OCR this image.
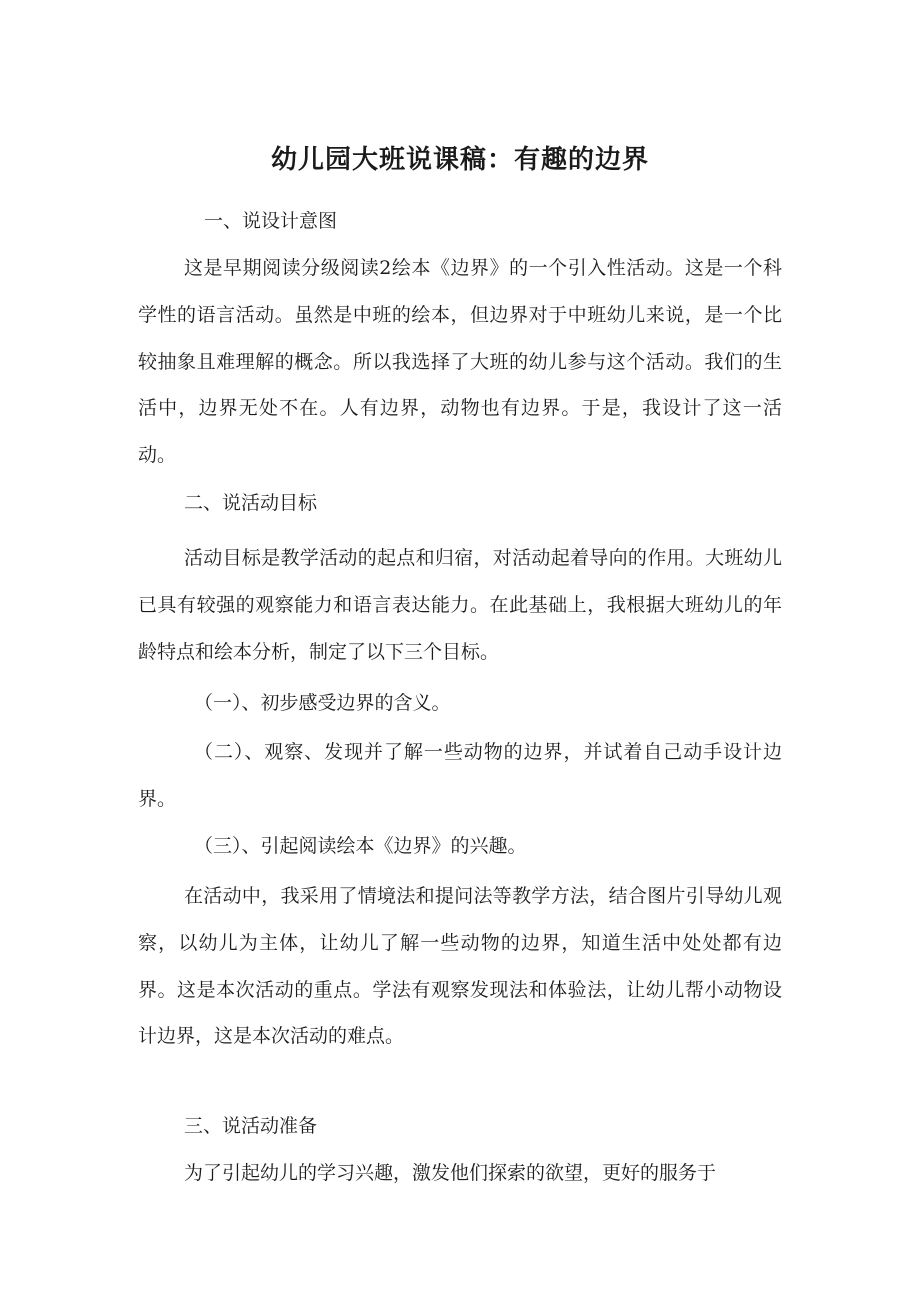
幼儿园大班说课稿：有趣的边界

一、说设计意图

这是早期阅读分级阅读2绘本《边界》的一个引入性活动。这是一个科学性的语言活动。虽然是中班的绘本，但边界对于中班幼儿来说，是一个比较抽象且难理解的概念。所以我选择了大班的幼儿参与这个活动。我们的生活中，边界无处不在。人有边界，动物也有边界。于是，我设计了这一活动。

二、说活动目标

活动目标是教学活动的起点和归宿，对活动起着导向的作用。大班幼儿已具有较强的观察能力和语言表达能力。在此基础上，我根据大班幼儿的年龄特点和绘本分析，制定了以下三个目标。

（一）、初步感受边界的含义。

（二）、观察、发现并了解一些动物的边界，并试着自己动手设计边界。

（三）、引起阅读绘本《边界》的兴趣。

在活动中，我采用了情境法和提问法等教学方法，结合图片引导幼儿观察，以幼儿为主体，让幼儿了解一些动物的边界，知道生活中处处都有边界。这是本次活动的重点。学法有观察发现法和体验法，让幼儿帮小动物设计边界，这是本次活动的难点。

三、说活动准备

为了引起幼儿的学习兴趣，激发他们探索的欲望，更好的服务于
